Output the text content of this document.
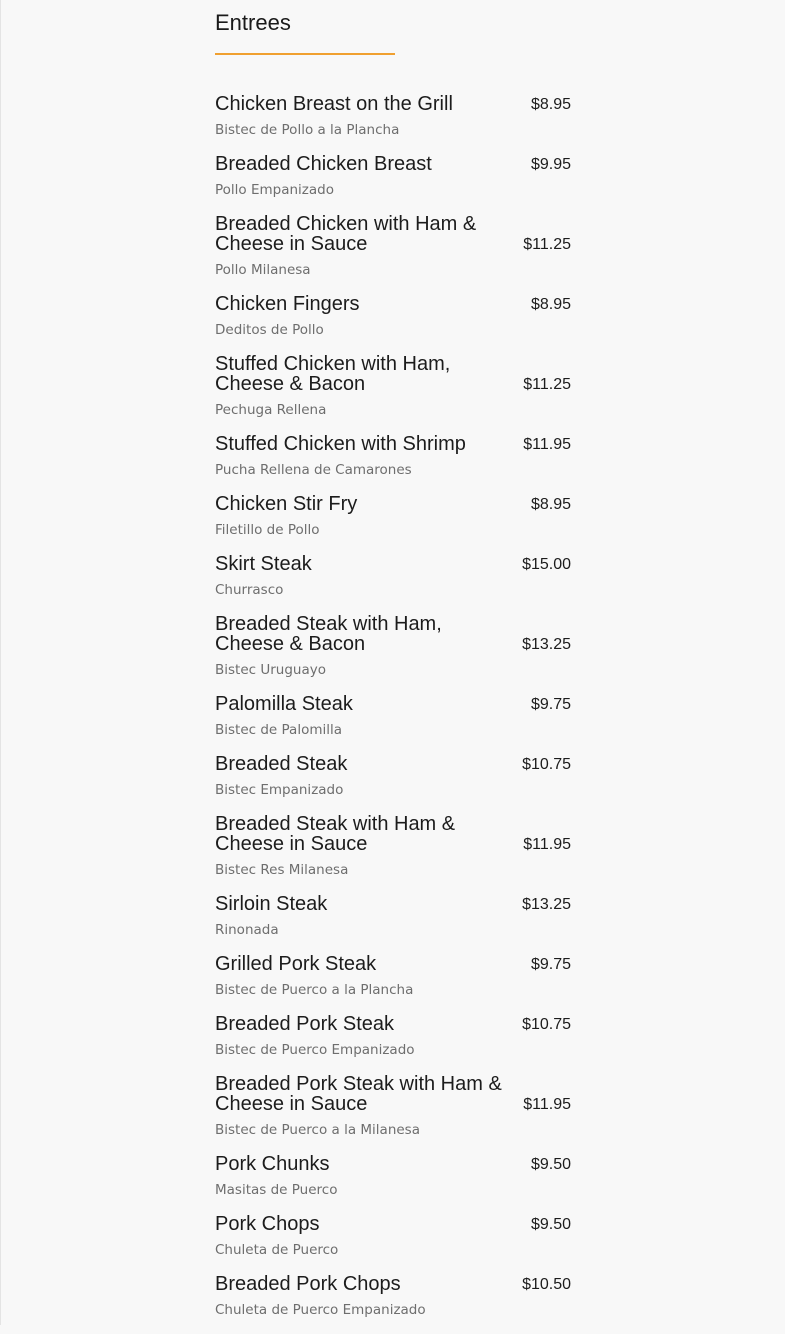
Entrees
Chicken Breast on the Grill
Bistec de Pollo a la Plancha
$8.95
Breaded Chicken Breast
Pollo Empanizado
$9.95
Breaded Chicken with Ham & Cheese in Sauce
Pollo Milanesa
$11.25
Chicken Fingers
Deditos de Pollo
$8.95
Stuffed Chicken with Ham, Cheese & Bacon
Pechuga Rellena
$11.25
Stuffed Chicken with Shrimp
Pucha Rellena de Camarones
$11.95
Chicken Stir Fry
Filetillo de Pollo
$8.95
Skirt Steak
Churrasco
$15.00
Breaded Steak with Ham, Cheese & Bacon
Bistec Uruguayo
$13.25
Palomilla Steak
Bistec de Palomilla
$9.75
Breaded Steak
Bistec Empanizado
$10.75
Breaded Steak with Ham & Cheese in Sauce
Bistec Res Milanesa
$11.95
Sirloin Steak
Rinonada
$13.25
Grilled Pork Steak
Bistec de Puerco a la Plancha
$9.75
Breaded Pork Steak
Bistec de Puerco Empanizado
$10.75
Breaded Pork Steak with Ham & Cheese in Sauce
Bistec de Puerco a la Milanesa
$11.95
Pork Chunks
Masitas de Puerco
$9.50
Pork Chops
Chuleta de Puerco
$9.50
Breaded Pork Chops
Chuleta de Puerco Empanizado
$10.50
